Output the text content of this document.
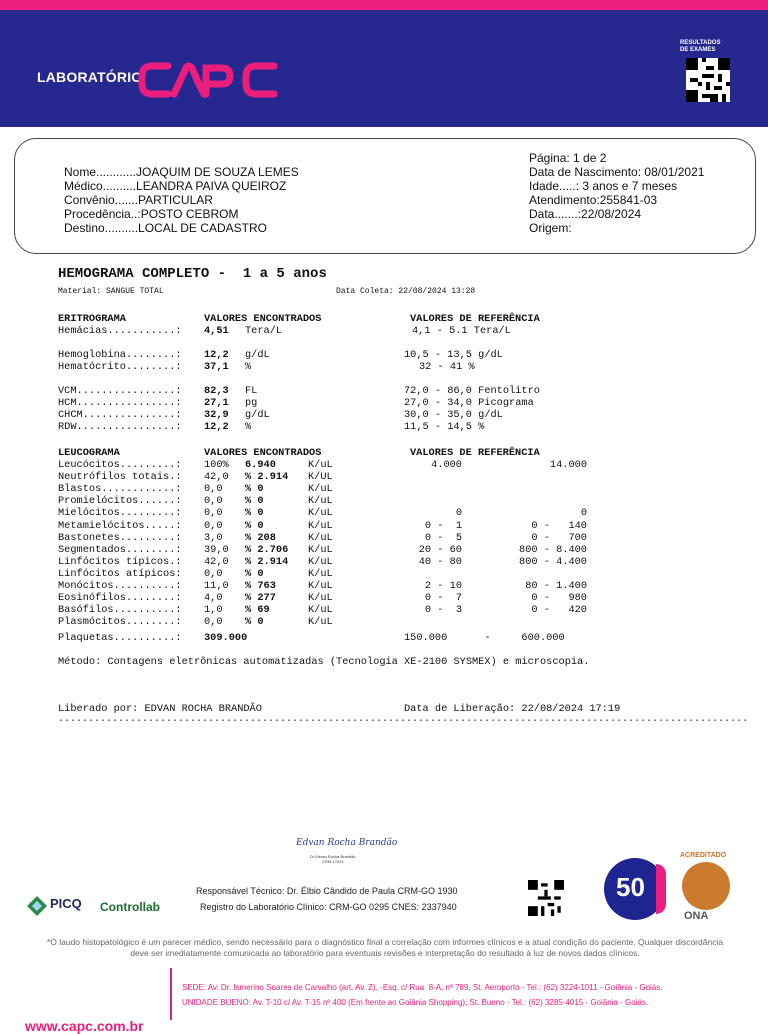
LABORATÓRIO
RESULTADOS
DE EXAMES
Nome............JOAQUIM DE SOUZA LEMES
Médico..........LEANDRA PAIVA QUEIROZ
Convênio.......PARTICULAR
Procedência..:POSTO CEBROM
Destino..........LOCAL DE CADASTRO
Página: 1 de 2
Data de Nascimento: 08/01/2021
Idade.....: 3 anos e 7 meses
Atendimento:255841-03
Data.......:22/08/2024
Origem:
HEMOGRAMA COMPLETO -  1 a 5 anos
Material: SANGUE TOTAL	Data Coleta: 22/08/2024 13:28
ERITROGRAMA	VALORES ENCONTRADOS	VALORES DE REFERÊNCIA
Hemácias...........: 4,51 Tera/L	4,1 - 5.1 Tera/L
Hemoglobina........: 12,2 g/dL	10,5 - 13,5 g/dL
Hematócrito........: 37,1 %	32 - 41 %
VCM................: 82,3 FL	72,0 - 86,0 Fentolitro
HCM................: 27,1 pg	27,0 - 34,0 Picograma
CHCM...............: 32,9 g/dL	30,0 - 35,0 g/dL
RDW................: 12,2 %	11,5 - 14,5 %
LEUCOGRAMA	VALORES ENCONTRADOS	VALORES DE REFERÊNCIA
Leucócitos.........: 100% 6.940	K/uL	4.000	14.000
Neutrófilos totais.: 42,0 % 2.914 K/UL
Blastos............: 0,0 % 0	K/uL
Promielócitos......: 0,0 % 0	K/uL
Mielócitos.........: 0,0 % 0	K/uL	0	0
Metamielócitos.....: 0,0 % 0	K/uL	0 -  1	0 -   140
Bastonetes.........: 3,0 % 208	K/uL	0 -  5	0 -   700
Segmentados........: 39,0 % 2.706 K/uL	20 - 60	800 - 8.400
Linfócitos típicos.: 42,0 % 2.914 K/uL	40 - 80	800 - 4.400
Linfócitos atípicos: 0,0 % 0	K/uL
Monócitos..........: 11,0 % 763	K/uL	2 - 10	80 - 1.400
Eosinófilos........: 4,0 % 277	K/uL	0 -  7	0 -   980
Basófilos..........: 1,0 % 69	K/uL	0 -  3	0 -   420
Plasmócitos........: 0,0 % 0	K/uL
Plaquetas..........: 309.000	150.000      -     600.000
Método: Contagens eletrônicas automatizadas (Tecnologia XE-2100 SYSMEX) e microscopia.
Liberado por: EDVAN ROCHA BRANDÃO	Data de Liberação: 22/08/2024 17:19
...................................................................................................................
Edvan Rocha Brandão
Dr Edvan Rocha Brandão
CRM 17023
Responsável Técnico: Dr. Élbio Cândido de Paula CRM-GO 1930
Registro do Laboratório Clínico: CRM-GO 0295 CNES: 2337940
PICQ Controllab
50
ACREDITADO
ONA
*O laudo histopatológico é um parecer médico, sendo necessário para o diagnóstico final a correlação com informes clínicos e a atual condição do paciente. Qualquer discordância deve ser imediatamente comunicada ao laboratório para eventuais revisões e interpretação do resultado à luz de novos dados clínicos.
www.capc.com.br
SEDE: Av. Dr. Ismerino Soares de Carvalho (art. Av. Z), -Esq. c/ Rua  8-A, nº 789, St. Aeroporto - Tel.: (62) 3224-1011 - Goiânia - Goiás.
UNIDADE BUENO: Av. T-10 c/ Av. T-15 nº 400 (Em frente ao Goiânia Shopping), St. Bueno - Tel.: (62) 3285-4015 - Goiânia - Goiás.
